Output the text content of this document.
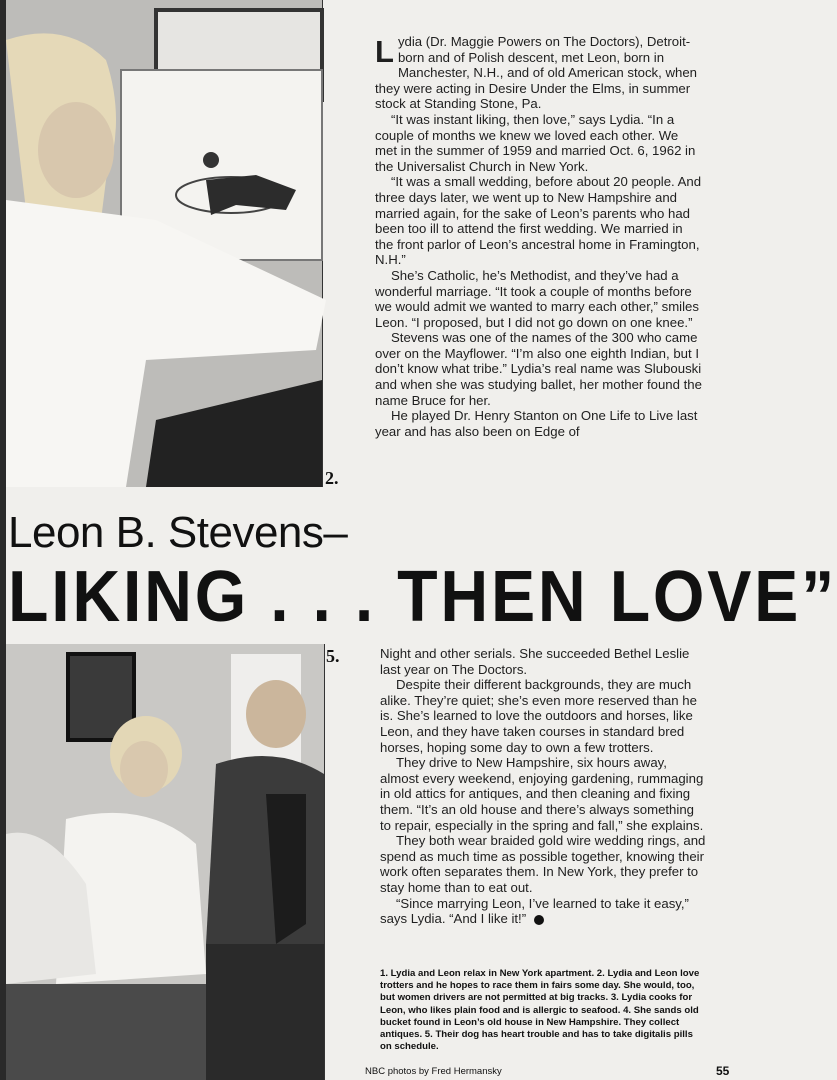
2.

Lydia (Dr. Maggie Powers on The Doctors), Detroit-born and of Polish descent, met Leon, born in Manchester, N.H., and of old American stock, when they were acting in Desire Under the Elms, in summer stock at Standing Stone, Pa.

“It was instant liking, then love,” says Lydia. “In a couple of months we knew we loved each other. We met in the summer of 1959 and married Oct. 6, 1962 in the Universalist Church in New York.

“It was a small wedding, before about 20 people. And three days later, we went up to New Hampshire and married again, for the sake of Leon’s parents who had been too ill to attend the first wedding. We married in the front parlor of Leon’s ancestral home in Framington, N.H.”

She’s Catholic, he’s Methodist, and they’ve had a wonderful marriage. “It took a couple of months before we would admit we wanted to marry each other,” smiles Leon. “I proposed, but I did not go down on one knee.”

Stevens was one of the names of the 300 who came over on the Mayflower. “I’m also one eighth Indian, but I don’t know what tribe.” Lydia’s real name was Slubouski and when she was studying ballet, her mother found the name Bruce for her.

He played Dr. Henry Stanton on One Life to Live last year and has also been on Edge of

Leon B. Stevens–
LIKING . . . THEN LOVE”
5.	Night and other serials. She succeeded Bethel Leslie last year on The Doctors.

Despite their different backgrounds, they are much alike. They’re quiet; she’s even more reserved than he is. She’s learned to love the outdoors and horses, like Leon, and they have taken courses in standard bred horses, hoping some day to own a few trotters.

They drive to New Hampshire, six hours away, almost every weekend, enjoying gardening, rummaging in old attics for antiques, and then cleaning and fixing them. “It’s an old house and there’s always something to repair, especially in the spring and fall,” she explains.

They both wear braided gold wire wedding rings, and spend as much time as possible together, knowing their work often separates them. In New York, they prefer to stay home than to eat out.

“Since marrying Leon, I’ve learned to take it easy,” says Lydia. “And I like it!”

1. Lydia and Leon relax in New York apartment. 2. Lydia and Leon love trotters and he hopes to race them in fairs some day. She would, too, but women drivers are not permitted at big tracks. 3. Lydia cooks for Leon, who likes plain food and is allergic to seafood. 4. She sands old bucket found in Leon’s old house in New Hampshire. They collect antiques. 5. Their dog has heart trouble and has to take digitalis pills on schedule.
NBC photos by Fred Hermansky	55
